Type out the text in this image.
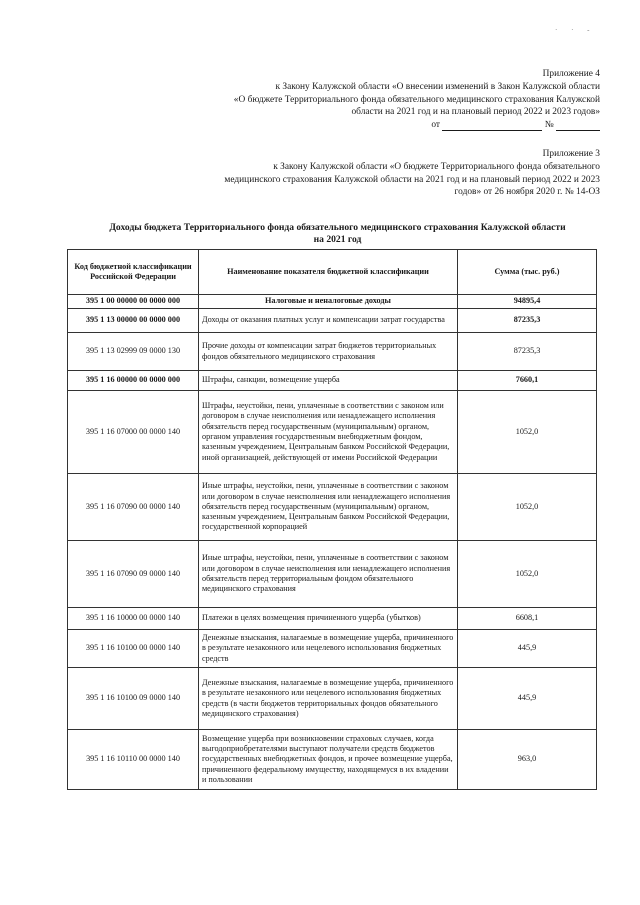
· · -
Приложение 4
к Закону Калужской области «О внесении изменений в Закон Калужской области
«О бюджете Территориального фонда обязательного медицинского страхования Калужской
области на 2021 год и на плановый период 2022 и 2023 годов»
от	№
Приложение 3
к Закону Калужской области «О бюджете Территориального фонда обязательного
медицинского страхования Калужской области на 2021 год и на плановый период 2022 и 2023
годов» от 26 ноября 2020 г. № 14-ОЗ
Доходы бюджета Территориального фонда обязательного медицинского страхования Калужской области
на 2021 год
Код бюджетной классификации Российской Федерации	Наименование показателя бюджетной классификации	Сумма (тыс. руб.)
395 1 00 00000 00 0000 000	Налоговые и неналоговые доходы	94895,4
395 1 13 00000 00 0000 000	Доходы от оказания платных услуг и компенсации затрат государства	87235,3
395 1 13 02999 09 0000 130	Прочие доходы от компенсации затрат бюджетов территориальных фондов обязательного медицинского страхования	87235,3
395 1 16 00000 00 0000 000	Штрафы, санкции, возмещение ущерба	7660,1
395 1 16 07000 00 0000 140	Штрафы, неустойки, пени, уплаченные в соответствии с законом или договором в случае неисполнения или ненадлежащего исполнения обязательств перед государственным (муниципальным) органом, органом управления государственным внебюджетным фондом, казенным учреждением, Центральным банком Российской Федерации, иной организацией, действующей от имени Российской Федерации	1052,0
395 1 16 07090 00 0000 140	Иные штрафы, неустойки, пени, уплаченные в соответствии с законом или договором в случае неисполнения или ненадлежащего исполнения обязательств перед государственным (муниципальным) органом, казенным учреждением, Центральным банком Российской Федерации, государственной корпорацией	1052,0
395 1 16 07090 09 0000 140	Иные штрафы, неустойки, пени, уплаченные в соответствии с законом или договором в случае неисполнения или ненадлежащего исполнения обязательств перед территориальным фондом обязательного медицинского страхования	1052,0
395 1 16 10000 00 0000 140	Платежи в целях возмещения причиненного ущерба (убытков)	6608,1
395 1 16 10100 00 0000 140	Денежные взыскания, налагаемые в возмещение ущерба, причиненного в результате незаконного или нецелевого использования бюджетных средств	445,9
395 1 16 10100 09 0000 140	Денежные взыскания, налагаемые в возмещение ущерба, причиненного в результате незаконного или нецелевого использования бюджетных средств (в части бюджетов территориальных фондов обязательного медицинского страхования)	445,9
395 1 16 10110 00 0000 140	Возмещение ущерба при возникновении страховых случаев, когда выгодоприобретателями выступают получатели средств бюджетов государственных внебюджетных фондов, и прочее возмещение ущерба, причиненного федеральному имуществу, находящемуся в их владении и пользовании	963,0
